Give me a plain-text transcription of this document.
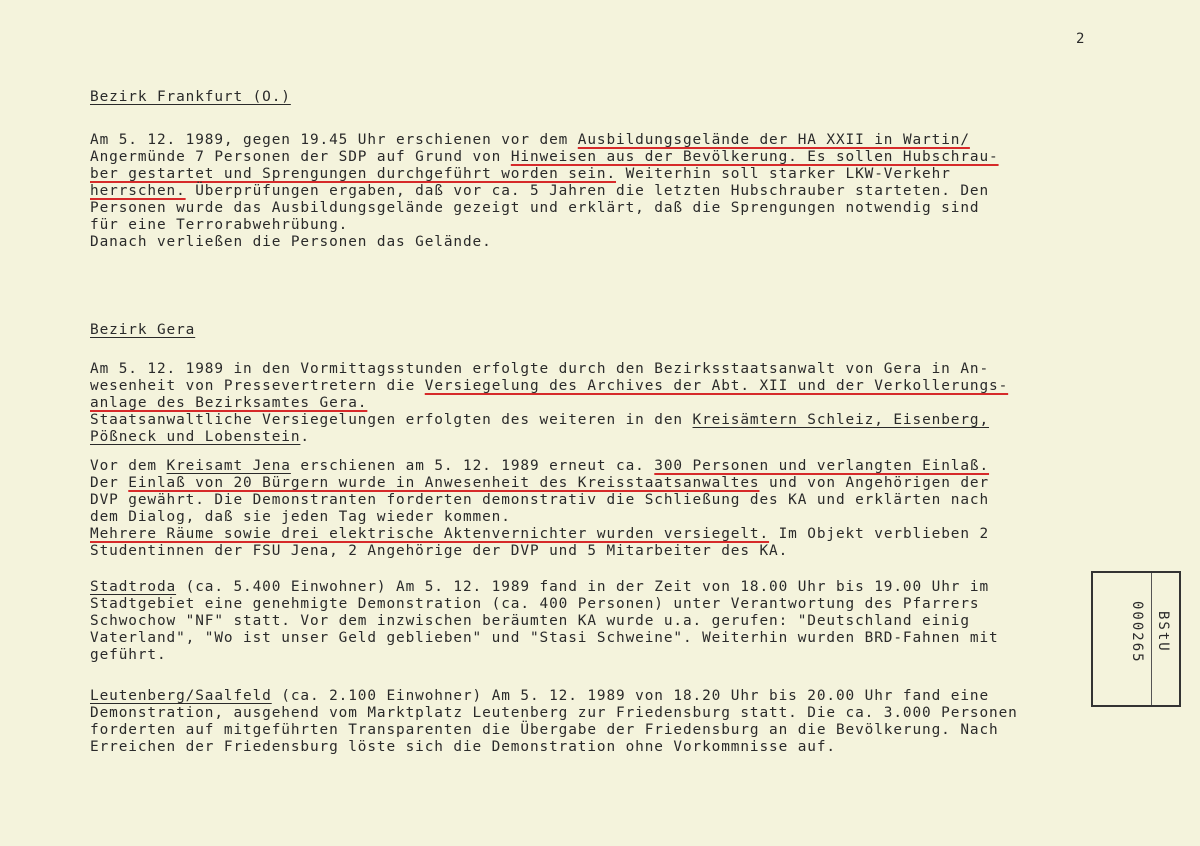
2
Bezirk Frankfurt (O.)
Am 5. 12. 1989, gegen 19.45 Uhr erschienen vor dem Ausbildungsgelände der HA XXII in Wartin/
Angermünde 7 Personen der SDP auf Grund von Hinweisen aus der Bevölkerung. Es sollen Hubschrau-
ber gestartet und Sprengungen durchgeführt worden sein. Weiterhin soll starker LKW-Verkehr
herrschen. Überprüfungen ergaben, daß vor ca. 5 Jahren die letzten Hubschrauber starteten. Den
Personen wurde das Ausbildungsgelände gezeigt und erklärt, daß die Sprengungen notwendig sind
für eine Terrorabwehrübung.
Danach verließen die Personen das Gelände.
Bezirk Gera
Am 5. 12. 1989 in den Vormittagsstunden erfolgte durch den Bezirksstaatsanwalt von Gera in An-
wesenheit von Pressevertretern die Versiegelung des Archives der Abt. XII und der Verkollerungs-
anlage des Bezirksamtes Gera.
Staatsanwaltliche Versiegelungen erfolgten des weiteren in den Kreisämtern Schleiz, Eisenberg,
Pößneck und Lobenstein.
Vor dem Kreisamt Jena erschienen am 5. 12. 1989 erneut ca. 300 Personen und verlangten Einlaß.
Der Einlaß von 20 Bürgern wurde in Anwesenheit des Kreisstaatsanwaltes und von Angehörigen der
DVP gewährt. Die Demonstranten forderten demonstrativ die Schließung des KA und erklärten nach
dem Dialog, daß sie jeden Tag wieder kommen.
Mehrere Räume sowie drei elektrische Aktenvernichter wurden versiegelt. Im Objekt verblieben 2
Studentinnen der FSU Jena, 2 Angehörige der DVP und 5 Mitarbeiter des KA.
Stadtroda (ca. 5.400 Einwohner) Am 5. 12. 1989 fand in der Zeit von 18.00 Uhr bis 19.00 Uhr im
Stadtgebiet eine genehmigte Demonstration (ca. 400 Personen) unter Verantwortung des Pfarrers
Schwochow "NF" statt. Vor dem inzwischen beräumten KA wurde u.a. gerufen: "Deutschland einig
Vaterland", "Wo ist unser Geld geblieben" und "Stasi Schweine". Weiterhin wurden BRD-Fahnen mit
geführt.
Leutenberg/Saalfeld (ca. 2.100 Einwohner) Am 5. 12. 1989 von 18.20 Uhr bis 20.00 Uhr fand eine
Demonstration, ausgehend vom Marktplatz Leutenberg zur Friedensburg statt. Die ca. 3.000 Personen
forderten auf mitgeführten Transparenten die Übergabe der Friedensburg an die Bevölkerung. Nach
Erreichen der Friedensburg löste sich die Demonstration ohne Vorkommnisse auf.
BStU
000265
